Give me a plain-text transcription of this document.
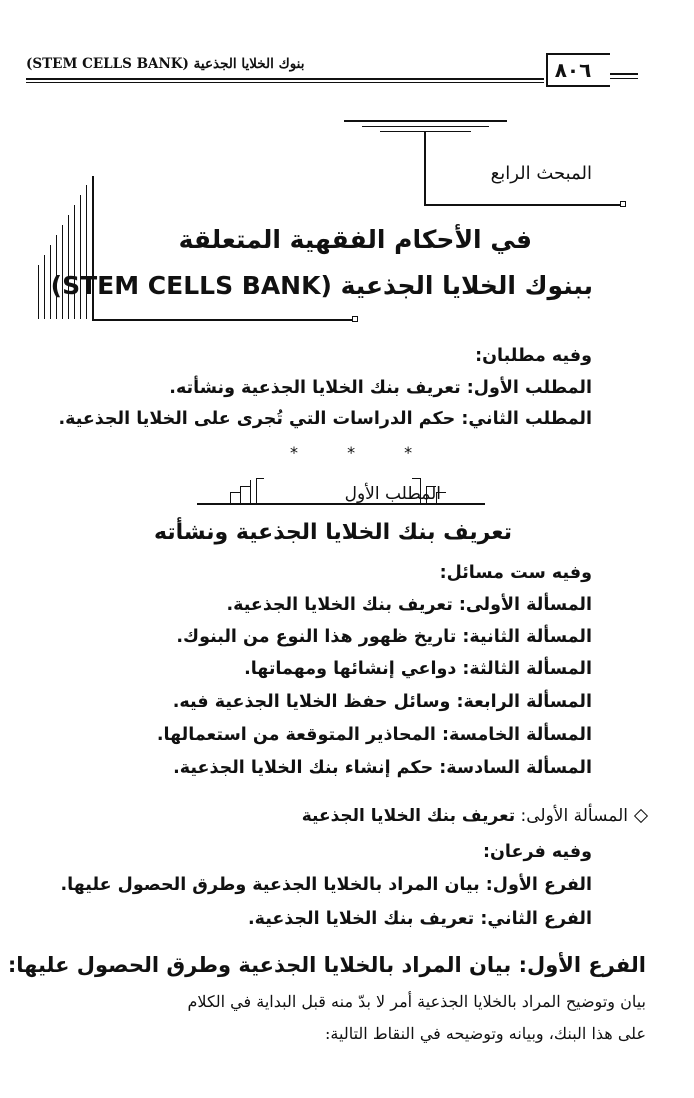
(STEM CELLS BANK) بنوك الخلايا الجذعية	٨٠٦
المبحث الرابع
في الأحكام الفقهية المتعلقة
ببنوك الخلايا الجذعية (STEM CELLS BANK)
وفيه مطلبان:
المطلب الأول: تعريف بنك الخلايا الجذعية ونشأته.
المطلب الثاني: حكم الدراسات التي تُجرى على الخلايا الجذعية.
* * *
المطلب الأول
تعريف بنك الخلايا الجذعية ونشأته
وفيه ست مسائل:
المسألة الأولى: تعريف بنك الخلايا الجذعية.
المسألة الثانية: تاريخ ظهور هذا النوع من البنوك.
المسألة الثالثة: دواعي إنشائها ومهماتها.
المسألة الرابعة: وسائل حفظ الخلايا الجذعية فيه.
المسألة الخامسة: المحاذير المتوقعة من استعمالها.
المسألة السادسة: حكم إنشاء بنك الخلايا الجذعية.
المسألة الأولى: تعريف بنك الخلايا الجذعية
وفيه فرعان:
الفرع الأول: بيان المراد بالخلايا الجذعية وطرق الحصول عليها.
الفرع الثاني: تعريف بنك الخلايا الجذعية.
الفرع الأول: بيان المراد بالخلايا الجذعية وطرق الحصول عليها:
بيان وتوضيح المراد بالخلايا الجذعية أمر لا بدّ منه قبل البداية في الكلام
على هذا البنك، وبيانه وتوضيحه في النقاط التالية:
